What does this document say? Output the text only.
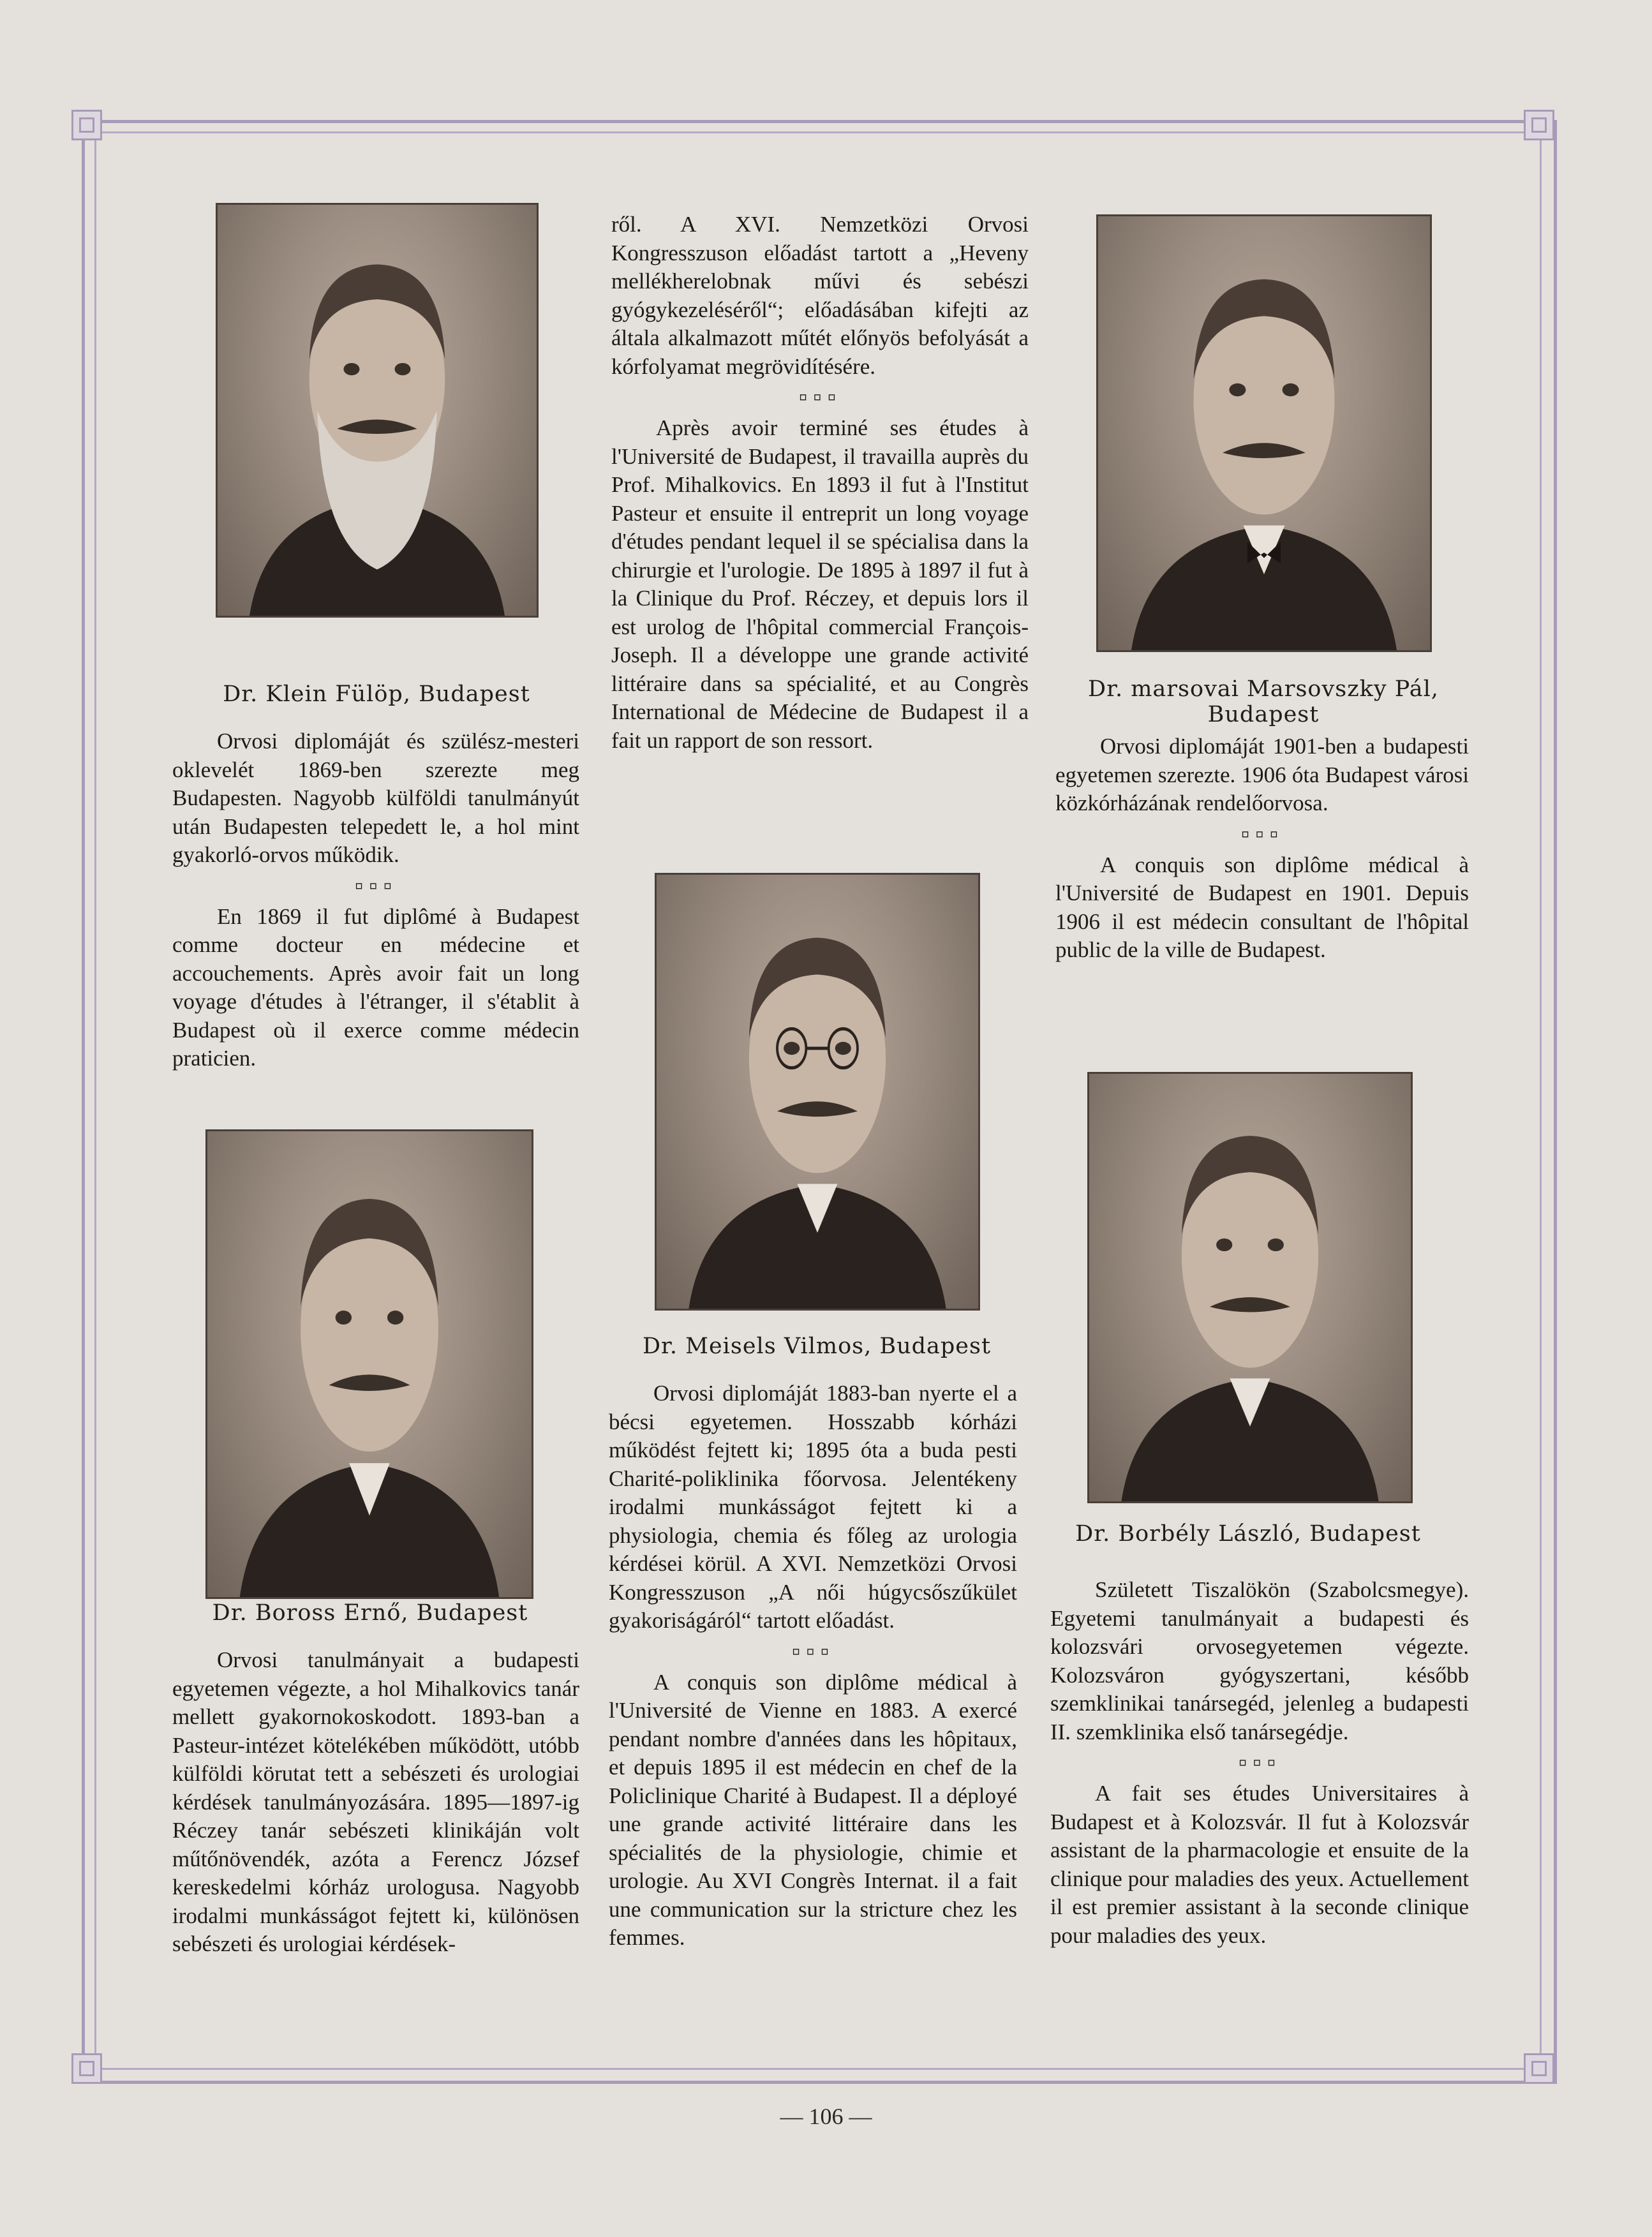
Dr. Klein Fülöp, Budapest

Orvosi diplomáját és szülész-mesteri oklevelét 1869-ben szerezte meg Budapesten. Nagyobb külföldi tanulmányút után Budapesten telepedett le, a hol mint gyakorló-orvos működik.

▫▫▫

En 1869 il fut diplômé à Budapest comme docteur en médecine et accouchements. Après avoir fait un long voyage d'études à l'étranger, il s'établit à Budapest où il exerce comme médecin praticien.

Dr. Boross Ernő, Budapest

Orvosi tanulmányait a budapesti egyetemen végezte, a hol Mihalkovics tanár mellett gyakornokoskodott. 1893-ban a Pasteur-intézet kötelékében működött, utóbb külföldi körutat tett a sebészeti és urologiai kérdések tanulmányozására. 1895—1897-ig Réczey tanár sebészeti klinikáján volt műtőnövendék, azóta a Ferencz József kereskedelmi kórház urologusa. Nagyobb irodalmi munkásságot fejtett ki, különösen sebészeti és urologiai kérdések-

ről. A XVI. Nemzetközi Orvosi Kongresszuson előadást tartott a „Heveny mellékherelobnak művi és sebészi gyógykezeléséről“; előadásában kifejti az általa alkalmazott műtét előnyös befolyását a kórfolyamat megrövidítésére.

▫▫▫

Après avoir terminé ses études à l'Université de Budapest, il travailla auprès du Prof. Mihalkovics. En 1893 il fut à l'Institut Pasteur et ensuite il entreprit un long voyage d'études pendant lequel il se spécialisa dans la chirurgie et l'urologie. De 1895 à 1897 il fut à la Clinique du Prof. Réczey, et depuis lors il est urolog de l'hôpital commercial François-Joseph. Il a développe une grande activité littéraire dans sa spécialité, et au Congrès International de Médecine de Budapest il a fait un rapport de son ressort.

Dr. Meisels Vilmos, Budapest

Orvosi diplomáját 1883-ban nyerte el a bécsi egyetemen. Hosszabb kórházi működést fejtett ki; 1895 óta a buda pesti Charité-poliklinika főorvosa. Jelentékeny irodalmi munkásságot fejtett ki a physiologia, chemia és főleg az urologia kérdései körül. A XVI. Nemzetközi Orvosi Kongresszuson „A női húgycsőszűkület gyakoriságáról“ tartott előadást.

▫▫▫

A conquis son diplôme médical à l'Université de Vienne en 1883. A exercé pendant nombre d'années dans les hôpitaux, et depuis 1895 il est médecin en chef de la Policlinique Charité à Budapest. Il a déployé une grande activité littéraire dans les spécialités de la physiologie, chimie et urologie. Au XVI Congrès Internat. il a fait une communication sur la stricture chez les femmes.

Dr. marsovai Marsovszky Pál, Budapest

Orvosi diplomáját 1901-ben a budapesti egyetemen szerezte. 1906 óta Budapest városi közkórházának rendelőorvosa.

▫▫▫

A conquis son diplôme médical à l'Université de Budapest en 1901. Depuis 1906 il est médecin consultant de l'hôpital public de la ville de Budapest.

Dr. Borbély László, Budapest

Született Tiszalökön (Szabolcsmegye). Egyetemi tanulmányait a budapesti és kolozsvári orvosegyetemen végezte. Kolozsváron gyógyszertani, később szemklinikai tanársegéd, jelenleg a budapesti II. szemklinika első tanársegédje.

▫▫▫

A fait ses études Universitaires à Budapest et à Kolozsvár. Il fut à Kolozsvár assistant de la pharmacologie et ensuite de la clinique pour maladies des yeux. Actuellement il est premier assistant à la seconde clinique pour maladies des yeux.

— 106 —
